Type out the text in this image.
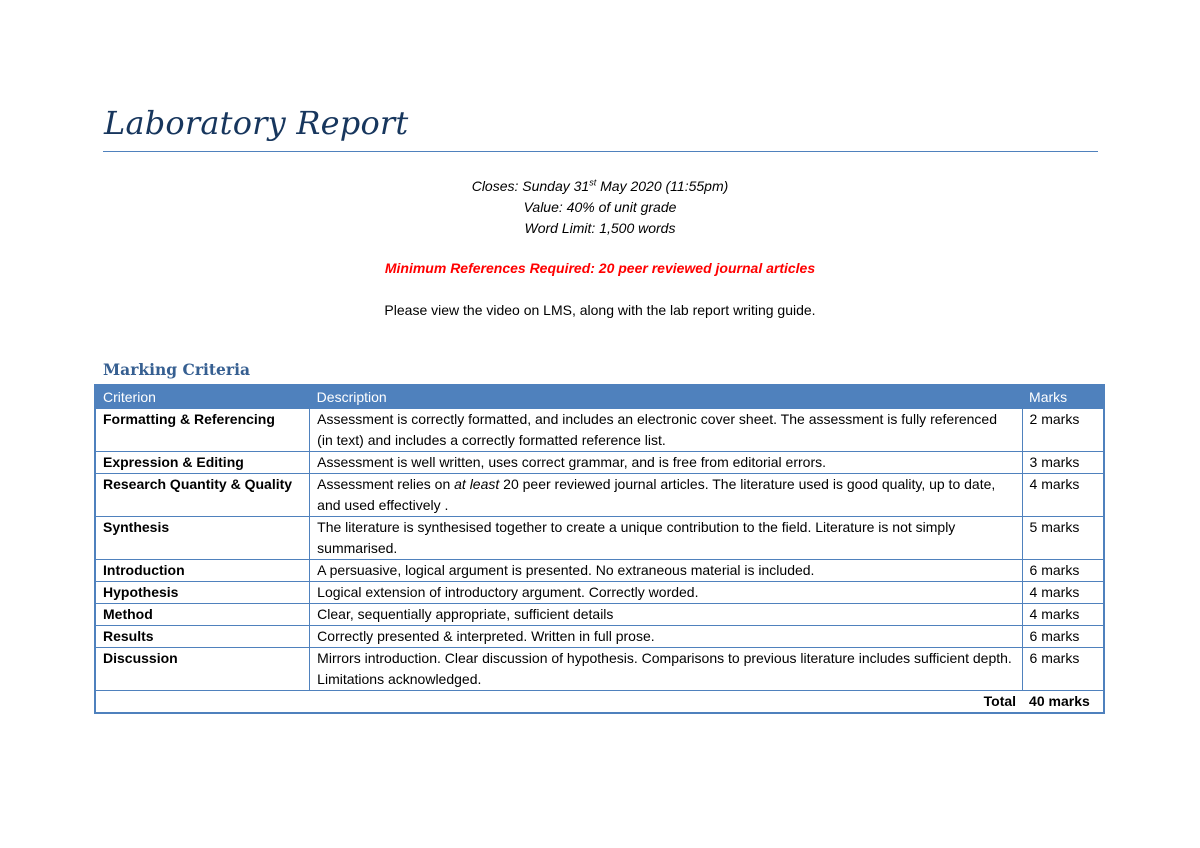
Laboratory Report
Closes: Sunday 31st May 2020 (11:55pm)
Value: 40% of unit grade
Word Limit: 1,500 words
Minimum References Required: 20 peer reviewed journal articles
Please view the video on LMS, along with the lab report writing guide.
Marking Criteria
Criterion	Description	Marks
Formatting & Referencing	Assessment is correctly formatted, and includes an electronic cover sheet. The assessment is fully referenced (in text) and includes a correctly formatted reference list.	2 marks
Expression & Editing	Assessment is well written, uses correct grammar, and is free from editorial errors.	3 marks
Research Quantity & Quality	Assessment relies on at least 20 peer reviewed journal articles. The literature used is good quality, up to date, and used effectively .	4 marks
Synthesis	The literature is synthesised together to create a unique contribution to the field. Literature is not simply summarised.	5 marks
Introduction	A persuasive, logical argument is presented. No extraneous material is included.	6 marks
Hypothesis	Logical extension of introductory argument. Correctly worded.	4 marks
Method	Clear, sequentially appropriate, sufficient details	4 marks
Results	Correctly presented & interpreted. Written in full prose.	6 marks
Discussion	Mirrors introduction. Clear discussion of hypothesis. Comparisons to previous literature includes sufficient depth. Limitations acknowledged.	6 marks
Total		40 marks
